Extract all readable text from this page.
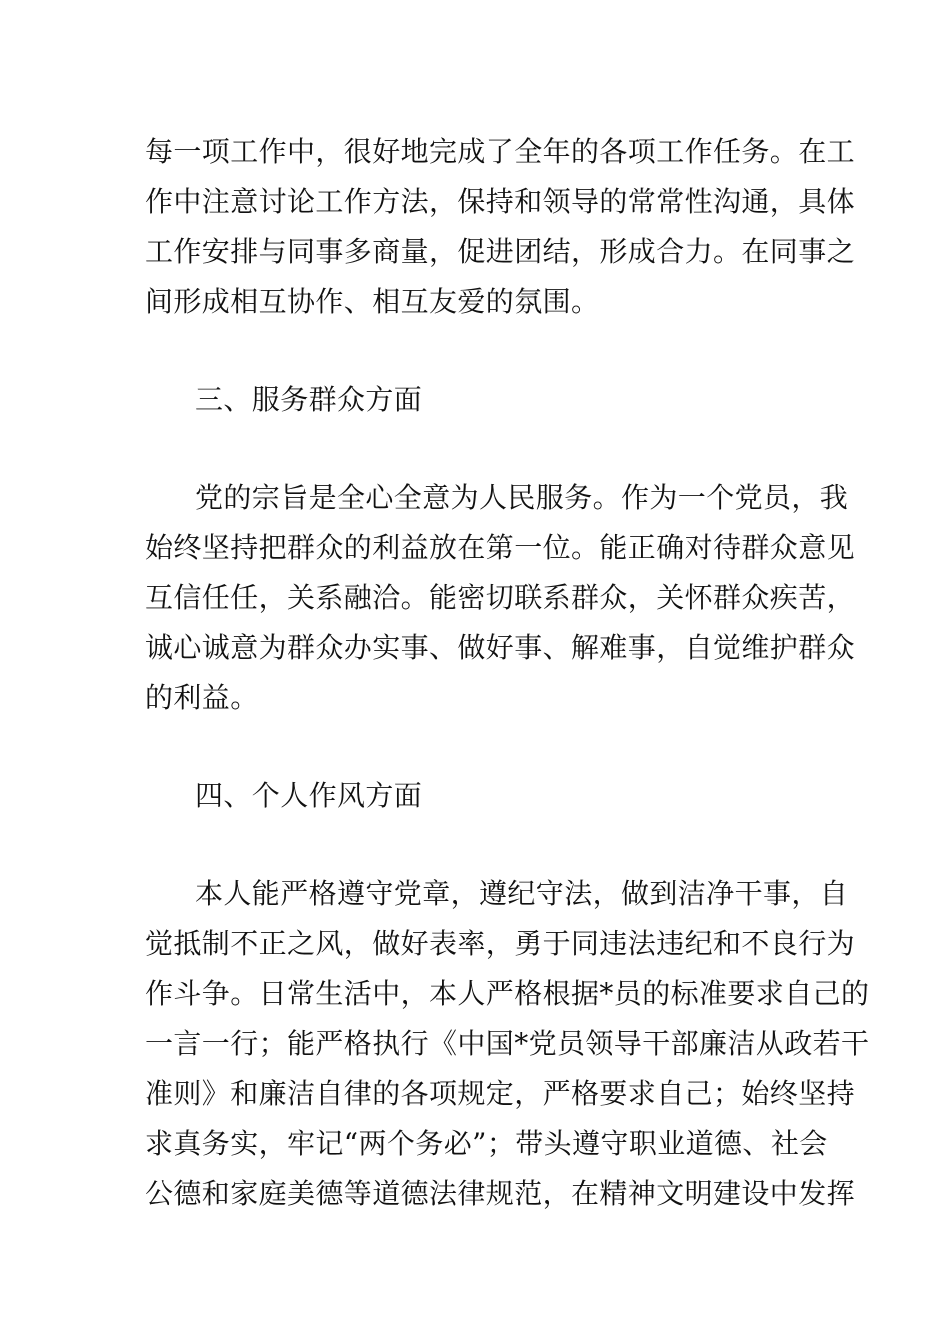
每一项工作中，很好地完成了全年的各项工作任务。在工
作中注意讨论工作方法，保持和领导的常常性沟通，具体
工作安排与同事多商量，促进团结，形成合力。在同事之
间形成相互协作、相互友爱的氛围。
三、服务群众方面
党的宗旨是全心全意为人民服务。作为一个党员，我
始终坚持把群众的利益放在第一位。能正确对待群众意见
互信任任，关系融洽。能密切联系群众，关怀群众疾苦，
诚心诚意为群众办实事、做好事、解难事，自觉维护群众
的利益。
四、个人作风方面
本人能严格遵守党章，遵纪守法，做到洁净干事，自
觉抵制不正之风，做好表率，勇于同违法违纪和不良行为
作斗争。日常生活中，本人严格根据*员的标准要求自己的
一言一行；能严格执行《中国*党员领导干部廉洁从政若干
准则》和廉洁自律的各项规定，严格要求自己；始终坚持
求真务实，牢记“两个务必”；带头遵守职业道德、社会
公德和家庭美德等道德法律规范，在精神文明建设中发挥
